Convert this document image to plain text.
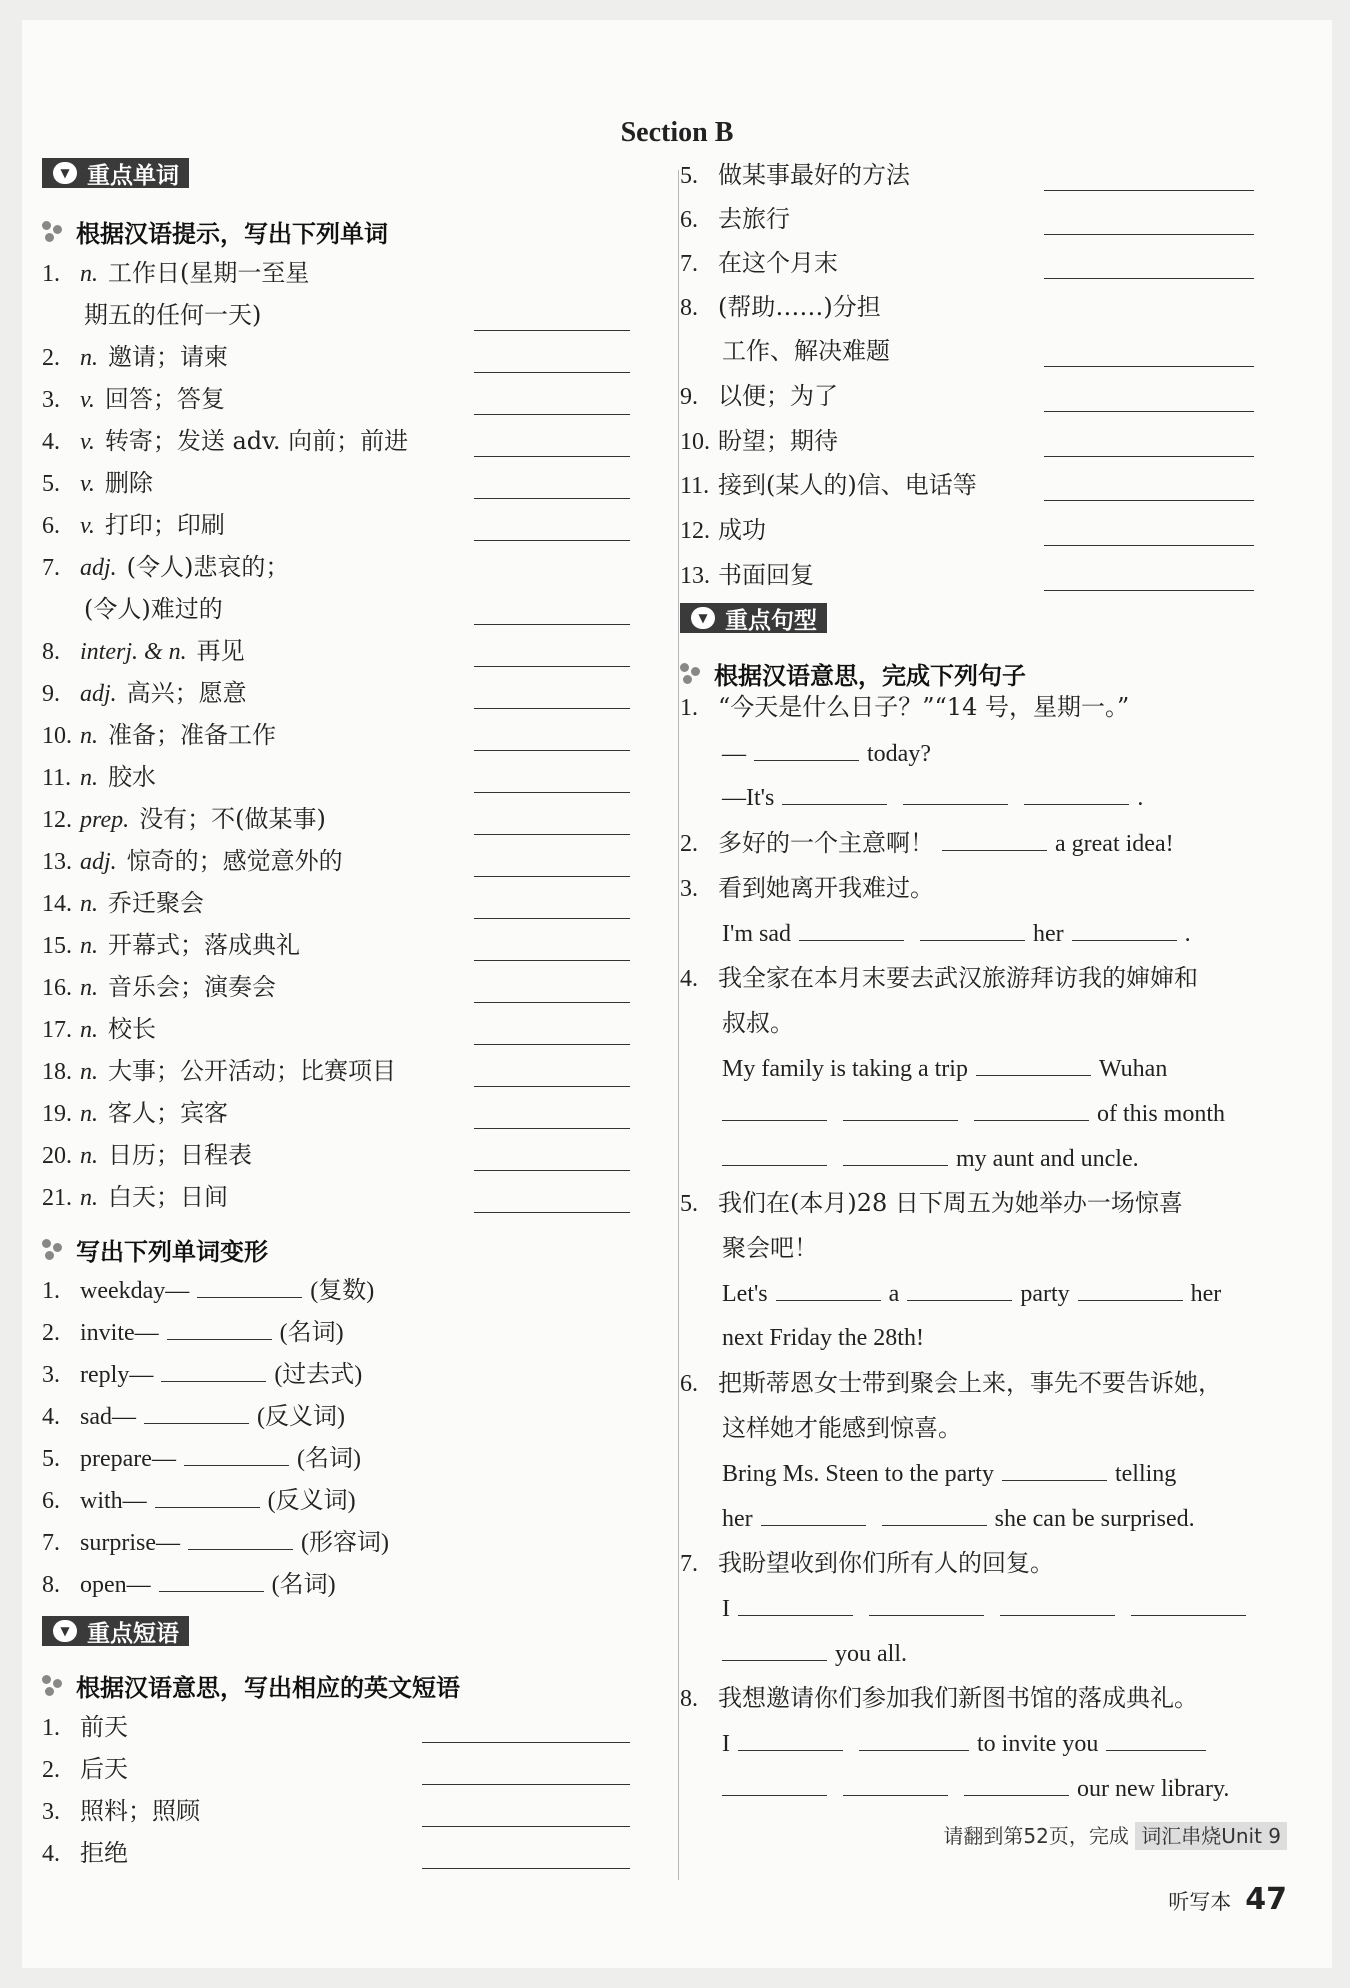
Section B
▼ 重点单词
根据汉语提示，写出下列单词
写出下列单词变形
▼ 重点短语
根据汉语意思，写出相应的英文短语
▼ 重点句型
根据汉语意思，完成下列句子
1. “今天是什么日子？”“14 号，星期一。”
—	today?
—It's	.
2. 多好的一个主意啊！	a great idea!
3. 看到她离开我难过。
I'm sad	her	.
4. 我全家在本月末要去武汉旅游拜访我的婶婶和
叔叔。
My family is taking a trip	Wuhan
of this month
my aunt and uncle.
5. 我们在(本月)28 日下周五为她举办一场惊喜
聚会吧！
Let's	a	party	her
next Friday the 28th!
6. 把斯蒂恩女士带到聚会上来，事先不要告诉她，
这样她才能感到惊喜。
Bring Ms. Steen to the party	telling
her	she can be surprised.
7. 我盼望收到你们所有人的回复。
I
you all.
8. 我想邀请你们参加我们新图书馆的落成典礼。
I	to invite you
our new library.
请翻到第52页，完成 词汇串烧Unit 9
听写本 47
1. n. 工作日(星期一至星
期五的任何一天)
2. n. 邀请；请柬
3. v. 回答；答复
4. v. 转寄；发送 adv. 向前；前进
5. v. 删除
6. v. 打印；印刷
7. adj. (令人)悲哀的；
(令人)难过的
8. interj. & n. 再见
9. adj. 高兴；愿意
10. n. 准备；准备工作
11. n. 胶水
12. prep. 没有；不(做某事)
13. adj. 惊奇的；感觉意外的
14. n. 乔迁聚会
15. n. 开幕式；落成典礼
16. n. 音乐会；演奏会
17. n. 校长
18. n. 大事；公开活动；比赛项目
19. n. 客人；宾客
20. n. 日历；日程表
21. n. 白天；日间
1. weekday—	(复数)
2. invite—	(名词)
3. reply—	(过去式)
4. sad—	(反义词)
5. prepare—	(名词)
6. with—	(反义词)
7. surprise—	(形容词)
8. open—	(名词)
1. 前天
2. 后天
3. 照料；照顾
4. 拒绝
5. 做某事最好的方法
6. 去旅行
7. 在这个月末
8. (帮助……)分担
工作、解决难题
9. 以便；为了
10. 盼望；期待
11. 接到(某人的)信、电话等
12. 成功
13. 书面回复
